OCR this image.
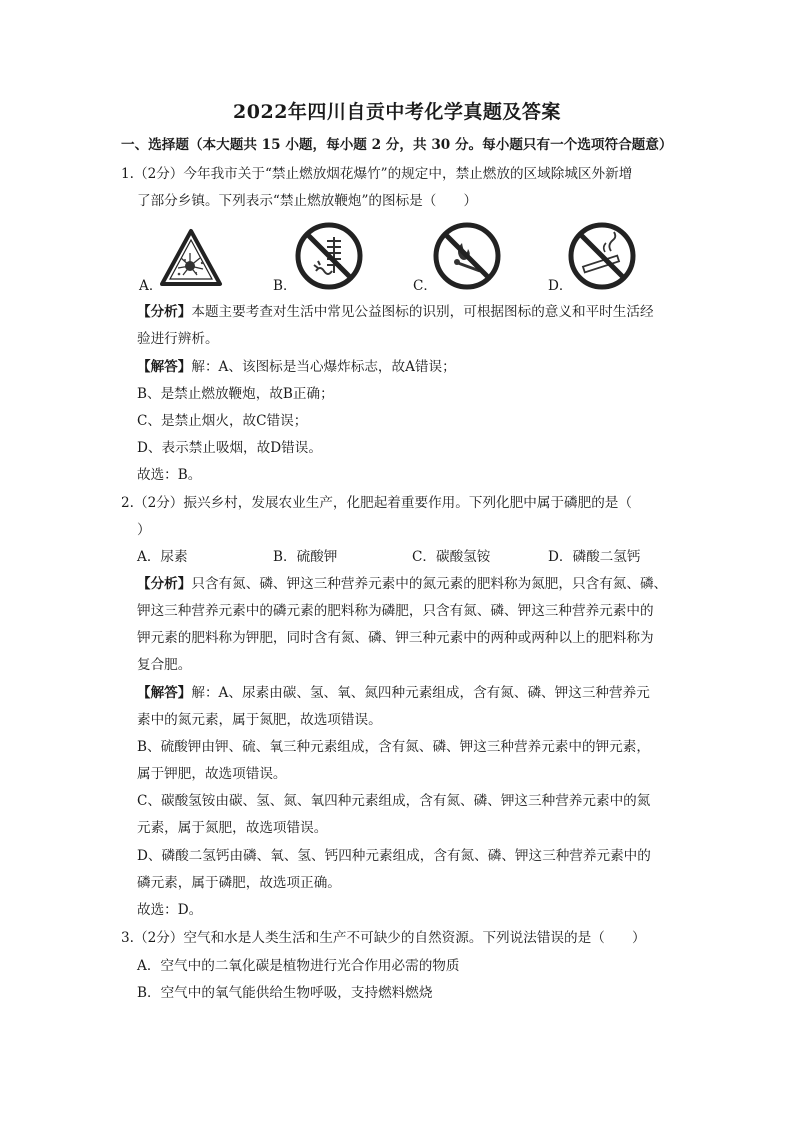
2022年四川自贡中考化学真题及答案
一、选择题（本大题共 15 小题，每小题 2 分，共 30 分。每小题只有一个选项符合题意）
1.（2分）今年我市关于“禁止燃放烟花爆竹”的规定中，禁止燃放的区域除城区外新增
了部分乡镇。下列表示“禁止燃放鞭炮”的图标是（　　）
A．	B．	C．	D．
【分析】本题主要考查对生活中常见公益图标的识别，可根据图标的意义和平时生活经
验进行辨析。
【解答】解：A、该图标是当心爆炸标志，故A错误；
B、是禁止燃放鞭炮，故B正确；
C、是禁止烟火，故C错误；
D、表示禁止吸烟，故D错误。
故选：B。
2.（2分）振兴乡村，发展农业生产，化肥起着重要作用。下列化肥中属于磷肥的是（
）
A．尿素	B．硫酸钾	C．碳酸氢铵	D．磷酸二氢钙
【分析】只含有氮、磷、钾这三种营养元素中的氮元素的肥料称为氮肥，只含有氮、磷、
钾这三种营养元素中的磷元素的肥料称为磷肥，只含有氮、磷、钾这三种营养元素中的
钾元素的肥料称为钾肥，同时含有氮、磷、钾三种元素中的两种或两种以上的肥料称为
复合肥。
【解答】解：A、尿素由碳、氢、氧、氮四种元素组成，含有氮、磷、钾这三种营养元
素中的氮元素，属于氮肥，故选项错误。
B、硫酸钾由钾、硫、氧三种元素组成，含有氮、磷、钾这三种营养元素中的钾元素，
属于钾肥，故选项错误。
C、碳酸氢铵由碳、氢、氮、氧四种元素组成，含有氮、磷、钾这三种营养元素中的氮
元素，属于氮肥，故选项错误。
D、磷酸二氢钙由磷、氧、氢、钙四种元素组成，含有氮、磷、钾这三种营养元素中的
磷元素，属于磷肥，故选项正确。
故选：D。
3.（2分）空气和水是人类生活和生产不可缺少的自然资源。下列说法错误的是（　　）
A．空气中的二氧化碳是植物进行光合作用必需的物质
B．空气中的氧气能供给生物呼吸，支持燃料燃烧
